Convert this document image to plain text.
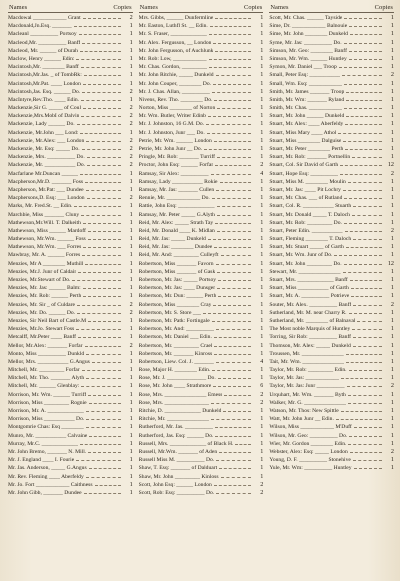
Names	Copies
Macdowal ____________ Grant	2
Macdonald,Jn.Esq. _______	1
Macleanl __________ Portsoy	1
Macleod,Mr. __________ Banff	1
Macleod, Mr. ______ of Durah	1
Maclow, Henry ______ Edin:	1
Macintosh,Mr. ________ Banff	1
Macintosh,Mr.Jas. _ of TombRk:	1
Macintosh,Mr.Pat. ____ London	1
Macintosh,Jas. Esq. ______ Do.	2
MacIntyre,Rev.Tho. ____ Edin.	1
Mackenzie,Sir G. _____ of Coul	2
Mackenzie,Mrs.MobI of Dalvin	2
Mackenzie, Lady ______ Do.	2
Mackenzie, Mr.John ___ Lond:	1
Mackenzie, Mr.Alex: ___ London	2
Mackenzie, Mr. Esq: _____ Do.	2
Mackenzie, Mrs. __________ Do.	2
Mackenzie, Mr. ___________ Do.	2
Macfarlane Mr.Duncan ______	1
Macpherson,Mr.D. _______ Foss	1
Macpherson, Mr.Pat: ___ Dundee	1
Macphersons,D. Esq: ___ London	2
Marks, Mr. Fred.St. __ Edin.	1
Marchbie, Miss _______ Cluny	1
Mathewson,Mr.Will. T. Dalkeith	1
Mathewson, Miss ______ Mardoff	1
Mathewson, Mr.Wm. ______ Foss	1
Mathewson, Mr.Wm. ___ Forres	1
Mawbray, Mr. A. ______ Forres	1
Menzies, Mr A ________ Muthill	1
Menzies, Mr.J. Junr of Caldair	1
Menzies, Mr.Stewart of Do.	1
Menzies, Mr. Jas: ______ Balm:	1
Menzies, Mr. Rob: ______ Perth	1
Menzies, Mr. Sir _ of Culdare	2
Menzies, Mr. Do. ______ Do.	2
Menzies, Sir Neil Bart of Castle.M	1
Menzies, Mr.Jo. Stewart Foss	1
Metcalff, Mr.Peter ____ Banff	1
Mellor, Mr.Alex: _______ Forfar	2
Monto, Miss __________ Dunkld	1
Mellor, Mrs. ___________ G.Angus	1
Mitchell, Mr. _________ Forfar	1
Mitchell, Mr. Tho. _______ Alyth	1
Mitchell, Mr. ______ Glenblay:	1
Morrison, Mr. Wm. ______ Turriff	1
Morrison, Miss _________ Rognie	1
Morrison, Mr. A. _____________	1
Morrison, Miss ___________ Do.	1
Montgomrie Chas: Esq ________	1
Munro, Mr. ___________ Calvaine	1
Murray, Mr.C. _____________	1
Mr. John Bremo, _______ N. Mill.	1
Mr. J. England ____ I. Fourie	1
Mr. Jas. Anderson, _____ G.Angus	1
Mr. Rev. Fleming ____ Aberfeldy	1
Mr. Jo. Fort ____________ Caithness	1
Mr. John Gibb, _______ Dundee	1
Names	Copies
Mrs. Gibbs, ______ Dunfermline	1
Mr. Easton, Luthfl St. __ Edin.	1
Mr. S. Fraser, _____________	1
Mr. Alex. Fergusson, __ London	1
Mr. John Fergusson, of Auchlunk	1
Mr. Rob: Low, ____________	1
Mr. Chas. Gordon, _________	1
Mr. John Ritchie, _____ Dunkeld	1
Mr. John Couper, ________ Do.	1
Mr. J. Chas. Allan, __________	1
Nivens, Rev. Tho. ________ Do.	1
Norton, Miss ________ of Norton	1
Mr. Wm. Butler, Writer Edinb	1
Mr. J. Johnston, 16 G.M. Do.	1
Mr. J. Johnston, Junr ___ Do.	1
Petrie, Mr. Wm. ______ London	1
Petrie, Mr. John Junr __ Do.	1
Pringle, Mr. Rob: _______ Turriff	1
Proctor, John Esq: ______ Forfar	2
Ramsay, Sir Alex: __________	4
Ramsay, Lady ___________ Rokie	1
Ramsay, Mr. Jas: _______ Cullen	1
Rennie, Mr. ____________ Do.	1
Rattie, John Esq: _____________	1
Ramsay, Mr. Peter _____ G.Alyth	1
Reid, Mr. Alex: _____ Strath Tay	1
Reid, Mr. Donald ____ K. Midlan	1
Reid, Mr. Jas: _____ Dunkeld	1
Reid, Mr. Jas: ________ Dundee	1
Reid, Mr. And: _________ Culleyft	1
Robertson, Miss _______ Favorn	1
Robertson, Miss _______ of Gask	1
Robertson, Mr. Jas: _____ Portsoy	1
Robertson, Mr. Jas: ____ Dunsger	1
Robertson, Mr. Dun: ______ Perth	1
Robertson, Miss ________ Cray	1
Robertson, Mr. S. Store ___	1
Robertson, Mr. Patk: Fortingale	1
Robertson, Mr. And: __________	1
Robertson, Mr. Daniel ___ Edin.	1
Robertson, Mr. _________ Crael	1
Robertson, Mr. _______ Kinross	1
Robertson, Liew. Col. J. _______	4
Rose, Major H. ________ Edin.	1
Rose, Mr. J. ______________ Do.	1
Rose, Mr. John ____ Strathmore	6
Rose, Mrs. _______________ Emess	2
Rose, Mrs. ________________	2
Ritchie, D. _____________ Dunkeld	1
Ritchie, Mr. _______________	1
Rutherford, Mr. Jas. __________	1
Rutherford, Jas. Esq: ______ Do.	1
Russell, Mrs. _____________ of Black H.	1
Russell, Mr.Wm. _______ of Aden	1
Russell Miss M. __________ Do.	1
Shaw, T. Esq: _______ of Dalduart	1
Shaw, Mr. John _________ Kinloss	1
Scott, John Esq: ______ London	2
Scott, Rob: Esq: __________ Do.	2
Names	Copies
Scott, Mr. Chas. ______ Tayside	1
Sime, Dr. ____________ Balnouie	1
Sime, Mr. John ________ Dunkeld	1
Syme, Mr. Jas: __________ Do.	1
Simson, Mr. Geo: ________ Banff	1
Simson, Mr. Wm. ______ Huntley	1
Symon, Mr. Daniel ___ Troop	1
Small, Peter Esq: ___________	2
Small, Wm. Esq: ____________	1
Smith, Mr. James _______ Troop	1
Smith, Mr. Wm: _______ Ryland	1
Smith, Mr. Chas. ____________	1
Stuart, Mr. John ______ Dunkeld	1
Stuart, Mr. Alex: ____ Aberfeldy	1
Stuart, Miss Mary ____ Athol	1
Stuart, Miss ________ Dalguise	1
Stuart, Mr. Peter ________ Perth	1
Stuart, Mr. Rob: _______ Portnellin	1
Stuart, Col. Sir David of Garth	12
Stuart, Hope Esq: __________	2
Stuart, Miss M. ________ Moulin	1
Stuart, Mr. Jas: ____ Pit Lochry	1
Stuart, Mr. Chas. ___ of Rutland	1
Stuart, Col. R. ___________ Stuarth	1
Stuart, Mr. Donald _____ T. Daloch	1
Stuart, Mr. Rob: _________ Do.	1
Stuart, Peter Edin. ___________	2
Stuart, Fleming ________ T. Daloch	1
Stuart, Mr. Stuart _____ of Garth	1
Stuart, Mr. Wm. Junr of Do.	1
Stuart, Mr. John _________ Do.	12
Stewart, Mr. _______________	1
Stuart, Mrs. _____________ Banff	1
Stuart, Miss ___________ of Garth	1
Stuart, Mr. A. __________ Potrieve	1
Souter, Mr. Alex. __________ Banff	2
Sutherland, Mr. M. near Charry R.	1
Sutherland, Mr. ________ of Balnaval	1
The Most noble Marquis of Huntley	1
Torring, Sir Rob: __________ Banff	1
Thomson, Mr. Alex: _____ Dunkeld	1
Troussen, Mr. _______________	1
Tait, Mr. Wm. _______________	1
Taylor, Mr. Rob: _________ Edin.	1
Taylor, Mr. Jas: ____________	1
Taylor, Mr. Jas: Junr __________	2
Urquhart, Mr. Wm. _______ Byth	1
Walker, Mr. G. _______________	1
Watson, Mr. Thos: New Spittle	1
Watt, Mr. John Junr __ Edin.	1
Wilson, Miss ____________ M'Duff	1
Wilson, Mr. Geo: __________ Do.	1
Wier, Mr. Gordon ________ Edin.	1
Webster, Alex: Esq: _____ London	2
Young, D. F. __________ Stonehive	1
Yule, Mr. Wm: __________ Huntley	1
